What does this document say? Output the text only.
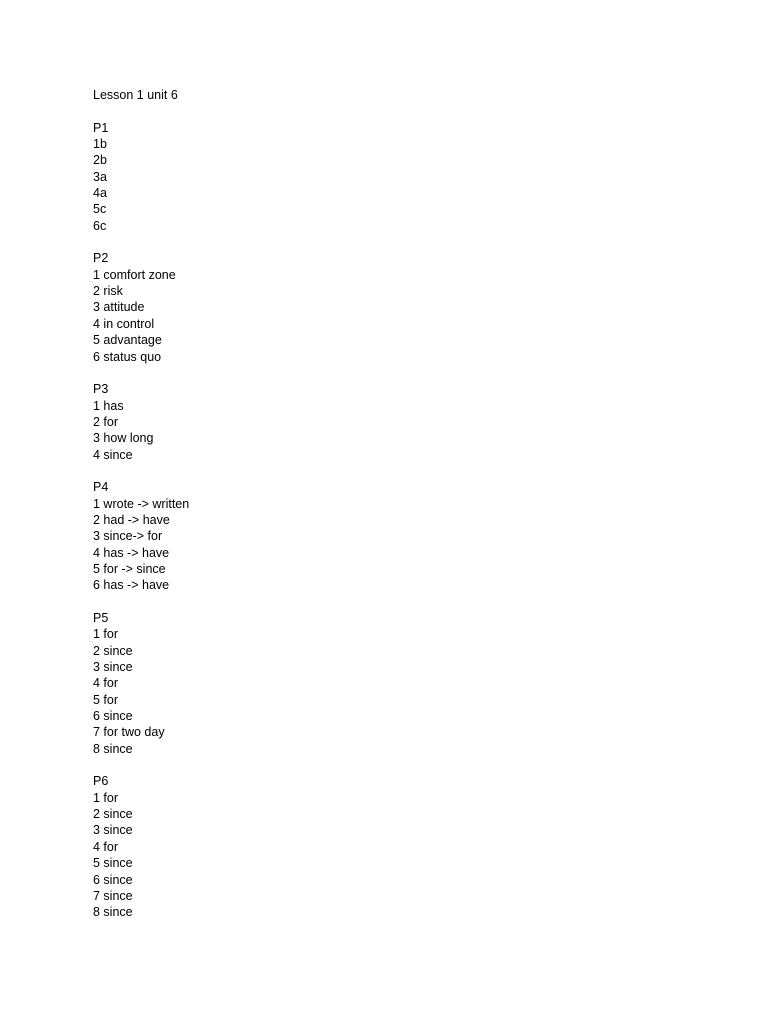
Lesson 1 unit 6
P1
1b
2b
3a
4a
5c
6c
P2
1 comfort zone
2 risk
3 attitude
4 in control
5 advantage
6 status quo
P3
1 has
2 for
3 how long
4 since
P4
1 wrote -> written
2 had -> have
3 since-> for
4 has -> have
5 for -> since
6 has -> have
P5
1 for
2 since
3 since
4 for
5 for
6 since
7 for two day
8 since
P6
1 for
2 since
3 since
4 for
5 since
6 since
7 since
8 since
